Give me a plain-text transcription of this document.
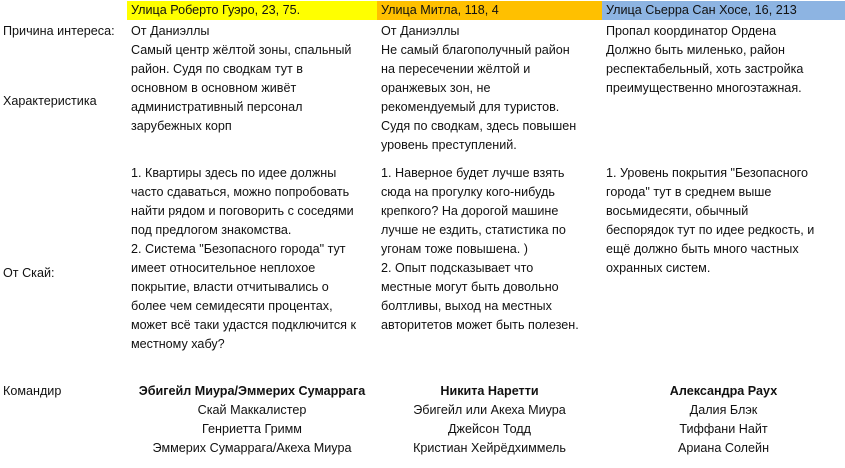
Улица Роберто Гуэро, 23, 75.	Улица Митла, 118, 4	Улица Сьерра Сан Хосе, 16, 213
Причина интереса:
Характеристика
От Скай:
Командир
От Даниэллы
Самый центр жёлтой зоны, спальный
район. Судя по сводкам тут в
основном в основном живёт
административный персонал
зарубежных корп
1. Квартиры здесь по идее должны
часто сдаваться, можно попробовать
найти рядом и поговорить с соседями
под предлогом знакомства.
2. Система "Безопасного города" тут
имеет относительное неплохое
покрытие, власти отчитывались о
более чем семидесяти процентах,
может всё таки удастся подключится к
местному хабу?
Эбигейл Миура/Эммерих Сумаррага
Скай Маккалистер
Генриетта Гримм
Эммерих Сумаррага/Акеха Миура
От Даниэллы
Не самый благополучный район
на пересечении жёлтой и
оранжевых зон, не
рекомендуемый для туристов.
Судя по сводкам, здесь повышен
уровень преступлений.
1. Наверное будет лучше взять
сюда на прогулку кого-нибудь
крепкого? На дорогой машине
лучше не ездить, статистика по
угонам тоже повышена. )
2. Опыт подсказывает что
местные могут быть довольно
болтливы, выход на местных
авторитетов может быть полезен.
Никита Наретти
Эбигейл или Акеха Миура
Джейсон Тодд
Кристиан Хейрёдхиммель
Пропал координатор Ордена
Должно быть миленько, район
респектабельный, хоть застройка
преимущественно многоэтажная.
1. Уровень покрытия "Безопасного
города" тут в среднем выше
восьмидесяти, обычный
беспорядок тут по идее редкость, и
ещё должно быть много частных
охранных систем.
Александра Раух
Далия Блэк
Тиффани Найт
Ариана Солейн
